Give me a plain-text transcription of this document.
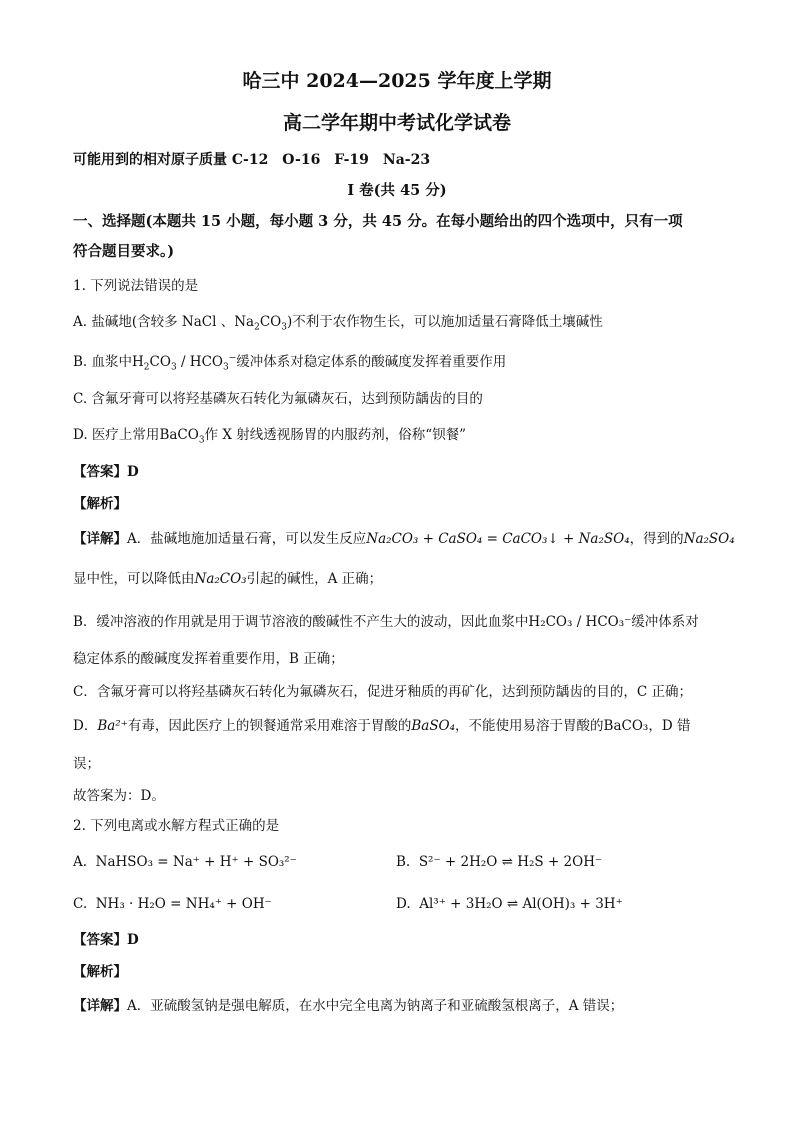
哈三中 2024—2025 学年度上学期
高二学年期中考试化学试卷
可能用到的相对原子质量 C-12　O-16　F-19　Na-23
I 卷(共 45 分)
一、选择题(本题共 15 小题，每小题 3 分，共 45 分。在每小题给出的四个选项中，只有一项
符合题目要求。)
1. 下列说法错误的是
A. 盐碱地(含较多 NaCl 、$Na_2CO_3$)不利于农作物生长，可以施加适量石膏降低土壤碱性
B. 血浆中$H_2CO_3 / HCO_3^-$缓冲体系对稳定体系的酸碱度发挥着重要作用
C. 含氟牙膏可以将羟基磷灰石转化为氟磷灰石，达到预防龋齿的目的
D. 医疗上常用BaCO$_3$作 X 射线透视肠胃的内服药剂，俗称“钡餐”
【答案】D
【解析】
【详解】A．盐碱地施加适量石膏，可以发生反应Na₂CO₃ + CaSO₄ = CaCO₃↓ + Na₂SO₄，得到的Na₂SO₄
显中性，可以降低由Na₂CO₃引起的碱性，A 正确；
B．缓冲溶液的作用就是用于调节溶液的酸碱性不产生大的波动，因此血浆中H₂CO₃ / HCO₃⁻缓冲体系对
稳定体系的酸碱度发挥着重要作用，B 正确；
C．含氟牙膏可以将羟基磷灰石转化为氟磷灰石，促进牙釉质的再矿化，达到预防龋齿的目的，C 正确；
D．Ba²⁺有毒，因此医疗上的钡餐通常采用难溶于胃酸的BaSO₄，不能使用易溶于胃酸的BaCO₃，D 错
误；
故答案为：D。
2. 下列电离或水解方程式正确的是
A. NaHSO₃ = Na⁺ + H⁺ + SO₃²⁻	B. S²⁻ + 2H₂O ⇌ H₂S + 2OH⁻
C. NH₃ · H₂O = NH₄⁺ + OH⁻	D. Al³⁺ + 3H₂O ⇌ Al(OH)₃ + 3H⁺
【答案】D
【解析】
【详解】A．亚硫酸氢钠是强电解质，在水中完全电离为钠离子和亚硫酸氢根离子，A 错误；
